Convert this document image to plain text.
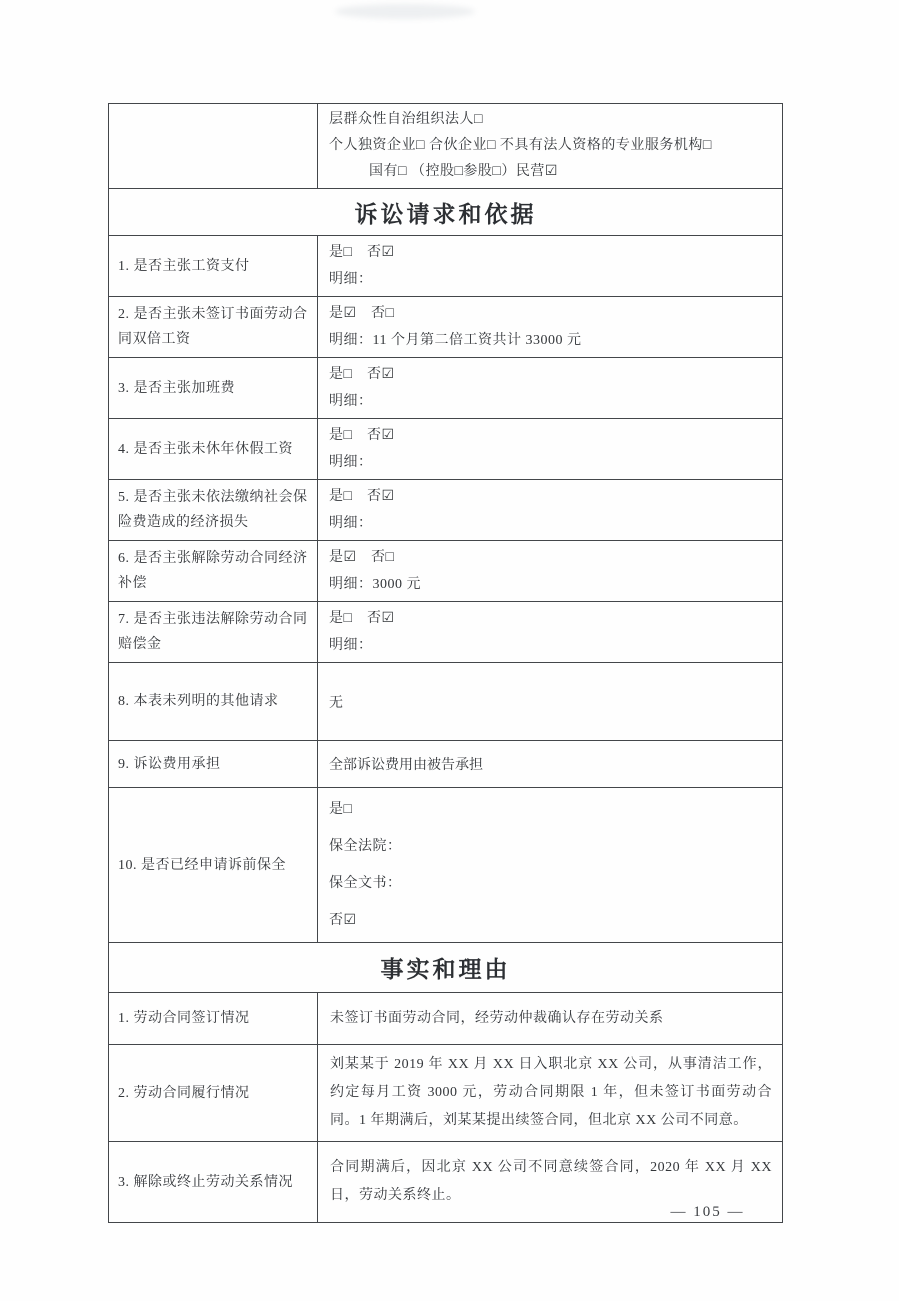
	层群众性自治组织法人□
个人独资企业□ 合伙企业□ 不具有法人资格的专业服务机构□
国有□ （控股□参股□）民营☑

诉讼请求和依据	
1. 是否主张工资支付	是□　否☑
明细：

2. 是否主张未签订书面劳动合同双倍工资	是☑　否□
明细：11 个月第二倍工资共计 33000 元

3. 是否主张加班费	是□　否☑
明细：

4. 是否主张未休年休假工资	是□　否☑
明细：

5. 是否主张未依法缴纳社会保险费造成的经济损失	是□　否☑
明细：

6. 是否主张解除劳动合同经济补偿	是☑　否□
明细：3000 元

7. 是否主张违法解除劳动合同赔偿金	是□　否☑
明细：

8. 本表未列明的其他请求	无
9. 诉讼费用承担	全部诉讼费用由被告承担
10. 是否已经申请诉前保全	是□
保全法院：
保全文书：
否☑

事实和理由	
1. 劳动合同签订情况	未签订书面劳动合同，经劳动仲裁确认存在劳动关系
2. 劳动合同履行情况	刘某某于 2019 年 XX 月 XX 日入职北京 XX 公司，从事清洁工作，约定每月工资 3000 元，劳动合同期限 1 年，但未签订书面劳动合同。1 年期满后，刘某某提出续签合同，但北京 XX 公司不同意。
3. 解除或终止劳动关系情况	合同期满后，因北京 XX 公司不同意续签合同，2020 年 XX 月 XX 日，劳动关系终止。
— 105 —
